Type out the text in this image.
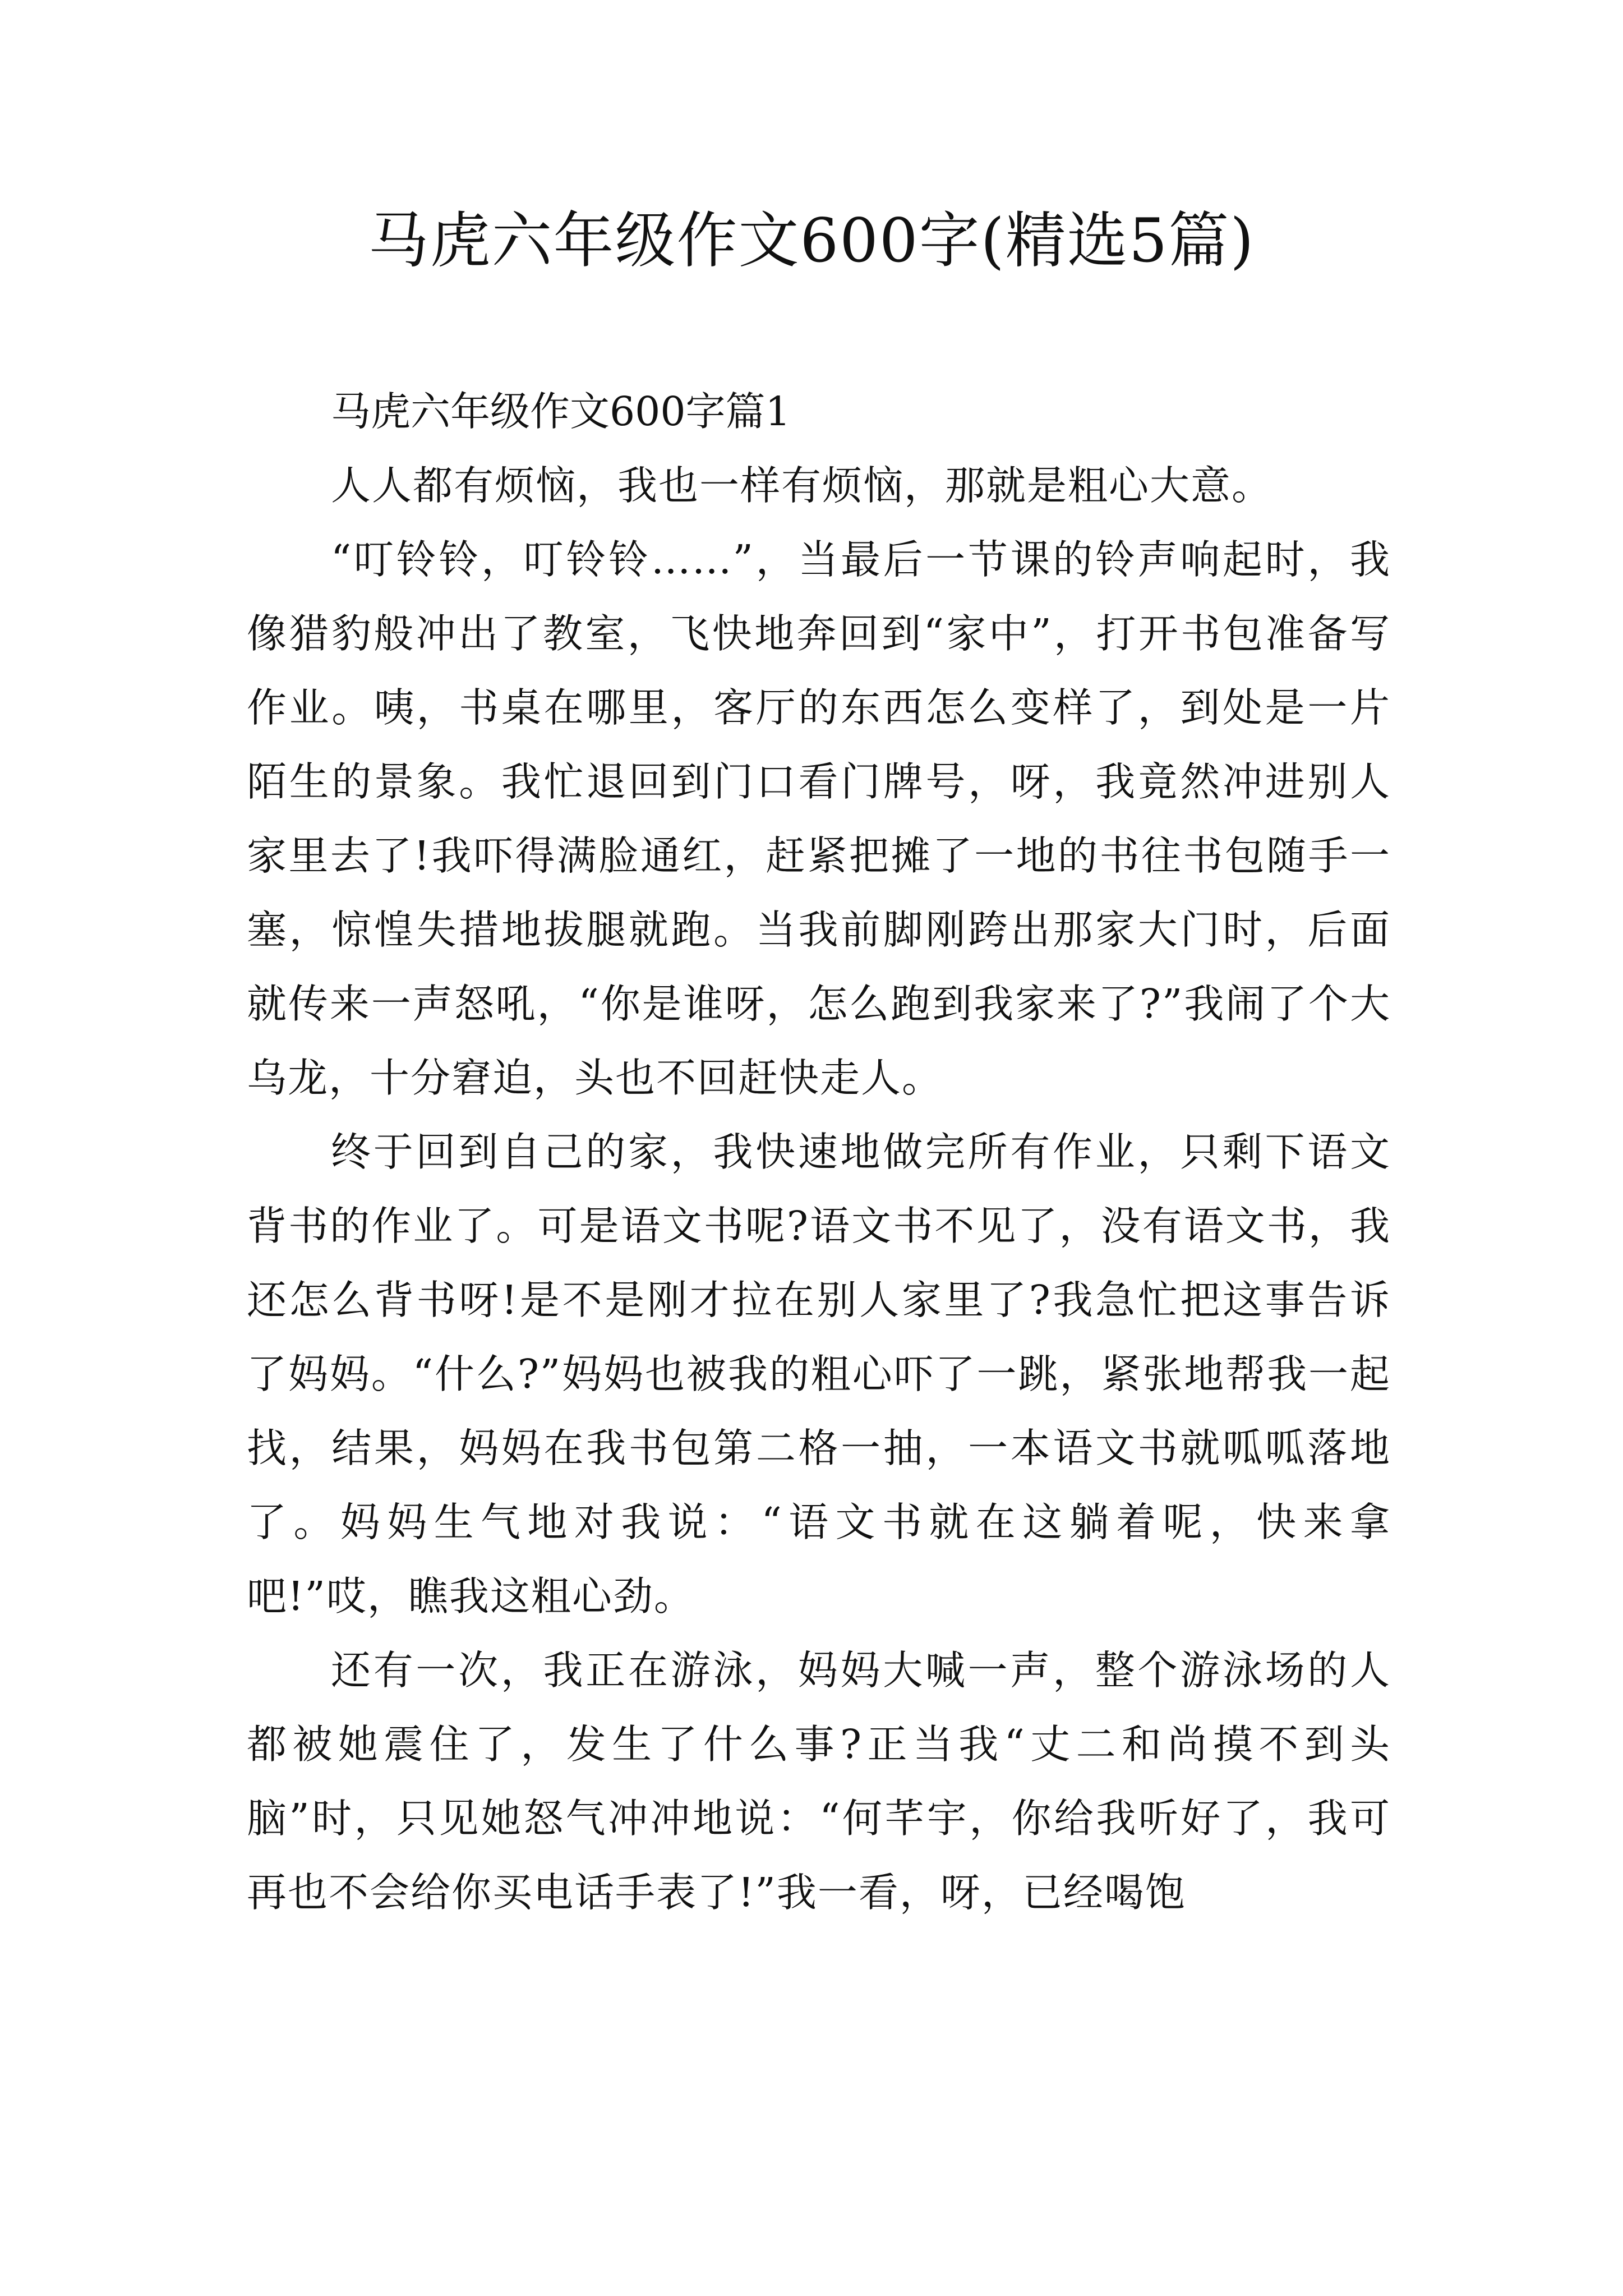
马虎六年级作文600字(精选5篇)

马虎六年级作文600字篇1

人人都有烦恼，我也一样有烦恼，那就是粗心大意。

“叮铃铃，叮铃铃……”，当最后一节课的铃声响起时，我像猎豹般冲出了教室，飞快地奔回到“家中”，打开书包准备写作业。咦，书桌在哪里，客厅的东西怎么变样了，到处是一片陌生的景象。我忙退回到门口看门牌号，呀，我竟然冲进别人家里去了!我吓得满脸通红，赶紧把摊了一地的书往书包随手一塞，惊惶失措地拔腿就跑。当我前脚刚跨出那家大门时，后面就传来一声怒吼，“你是谁呀，怎么跑到我家来了?”我闹了个大乌龙，十分窘迫，头也不回赶快走人。

终于回到自己的家，我快速地做完所有作业，只剩下语文背书的作业了。可是语文书呢?语文书不见了，没有语文书，我还怎么背书呀!是不是刚才拉在别人家里了?我急忙把这事告诉了妈妈。“什么?”妈妈也被我的粗心吓了一跳，紧张地帮我一起找，结果，妈妈在我书包第二格一抽，一本语文书就呱呱落地了。妈妈生气地对我说：“语文书就在这躺着呢，快来拿吧!”哎，瞧我这粗心劲。

还有一次，我正在游泳，妈妈大喊一声，整个游泳场的人都被她震住了，发生了什么事?正当我“丈二和尚摸不到头脑”时，只见她怒气冲冲地说：“何芊宇，你给我听好了，我可再也不会给你买电话手表了!”我一看，呀，已经喝饱
